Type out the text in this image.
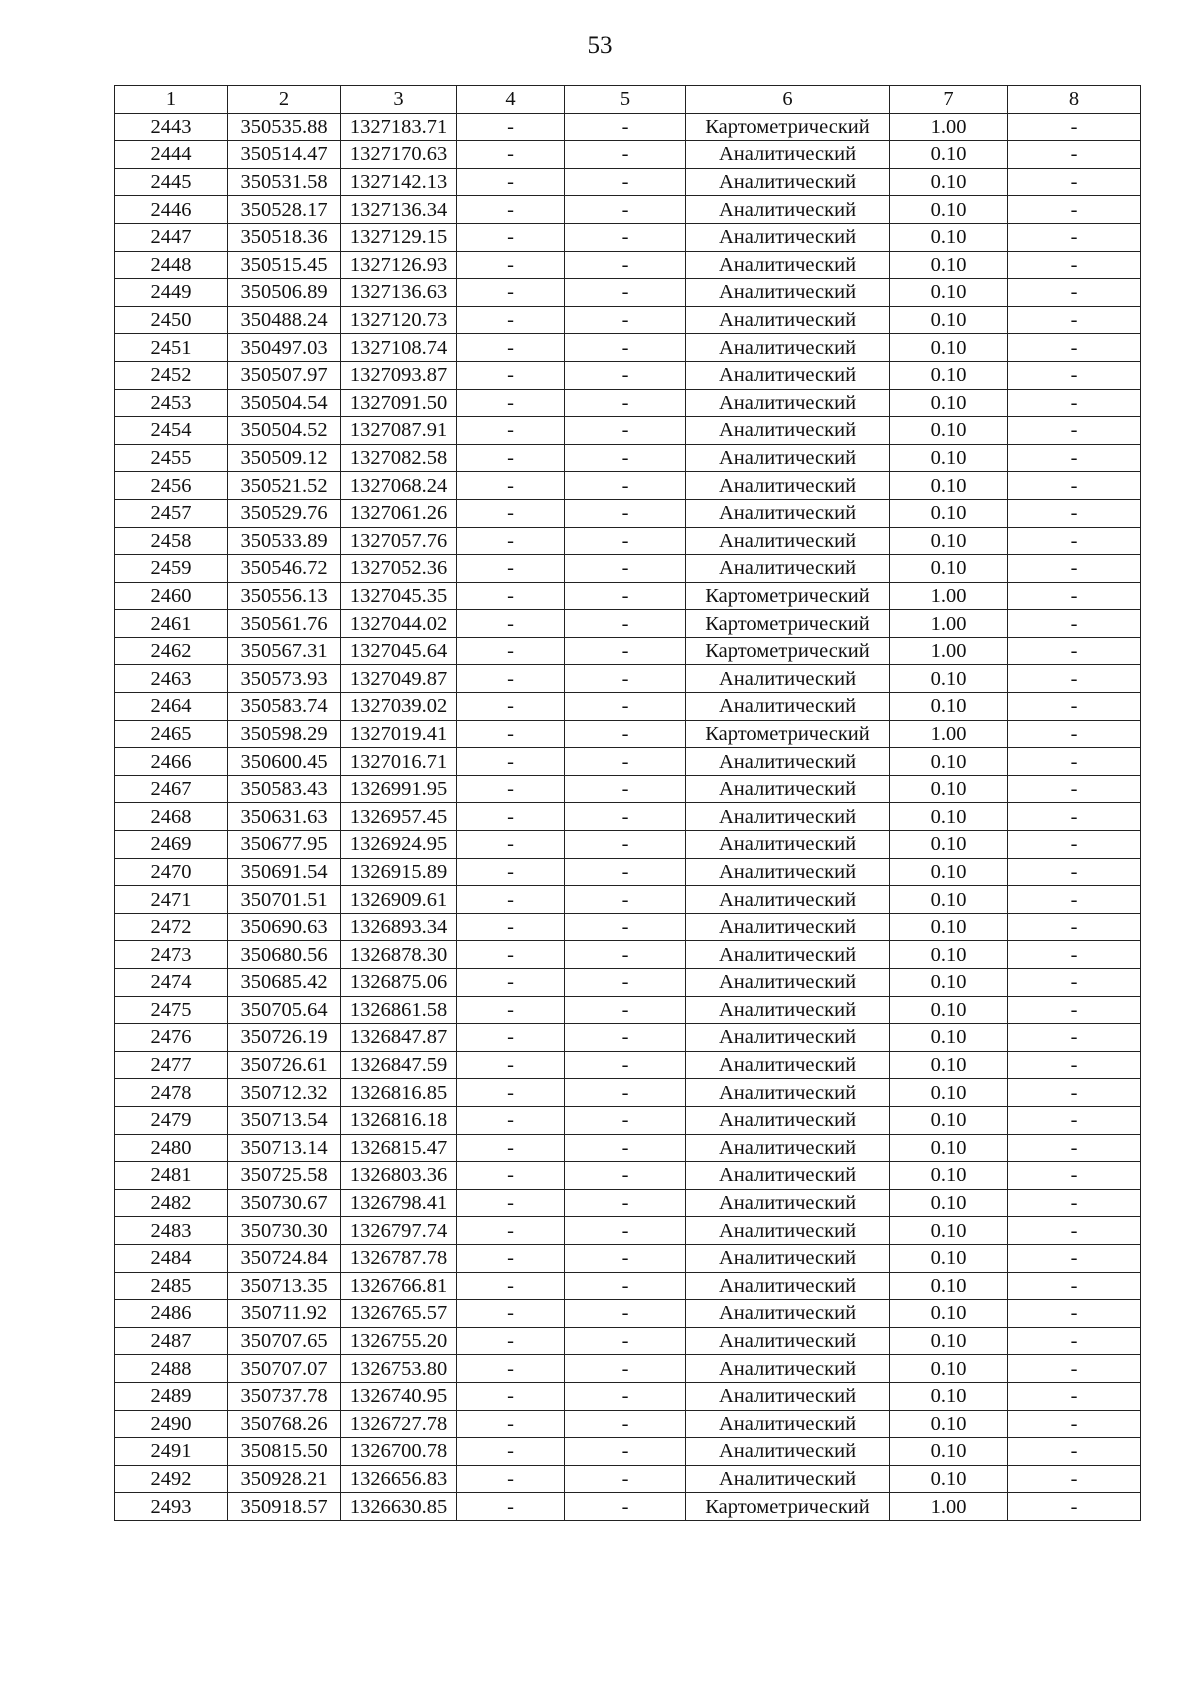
53
1	2	3	4	5	6	7	8
2443	350535.88	1327183.71	-	-	Картометрический	1.00	-
2444	350514.47	1327170.63	-	-	Аналитический	0.10	-
2445	350531.58	1327142.13	-	-	Аналитический	0.10	-
2446	350528.17	1327136.34	-	-	Аналитический	0.10	-
2447	350518.36	1327129.15	-	-	Аналитический	0.10	-
2448	350515.45	1327126.93	-	-	Аналитический	0.10	-
2449	350506.89	1327136.63	-	-	Аналитический	0.10	-
2450	350488.24	1327120.73	-	-	Аналитический	0.10	-
2451	350497.03	1327108.74	-	-	Аналитический	0.10	-
2452	350507.97	1327093.87	-	-	Аналитический	0.10	-
2453	350504.54	1327091.50	-	-	Аналитический	0.10	-
2454	350504.52	1327087.91	-	-	Аналитический	0.10	-
2455	350509.12	1327082.58	-	-	Аналитический	0.10	-
2456	350521.52	1327068.24	-	-	Аналитический	0.10	-
2457	350529.76	1327061.26	-	-	Аналитический	0.10	-
2458	350533.89	1327057.76	-	-	Аналитический	0.10	-
2459	350546.72	1327052.36	-	-	Аналитический	0.10	-
2460	350556.13	1327045.35	-	-	Картометрический	1.00	-
2461	350561.76	1327044.02	-	-	Картометрический	1.00	-
2462	350567.31	1327045.64	-	-	Картометрический	1.00	-
2463	350573.93	1327049.87	-	-	Аналитический	0.10	-
2464	350583.74	1327039.02	-	-	Аналитический	0.10	-
2465	350598.29	1327019.41	-	-	Картометрический	1.00	-
2466	350600.45	1327016.71	-	-	Аналитический	0.10	-
2467	350583.43	1326991.95	-	-	Аналитический	0.10	-
2468	350631.63	1326957.45	-	-	Аналитический	0.10	-
2469	350677.95	1326924.95	-	-	Аналитический	0.10	-
2470	350691.54	1326915.89	-	-	Аналитический	0.10	-
2471	350701.51	1326909.61	-	-	Аналитический	0.10	-
2472	350690.63	1326893.34	-	-	Аналитический	0.10	-
2473	350680.56	1326878.30	-	-	Аналитический	0.10	-
2474	350685.42	1326875.06	-	-	Аналитический	0.10	-
2475	350705.64	1326861.58	-	-	Аналитический	0.10	-
2476	350726.19	1326847.87	-	-	Аналитический	0.10	-
2477	350726.61	1326847.59	-	-	Аналитический	0.10	-
2478	350712.32	1326816.85	-	-	Аналитический	0.10	-
2479	350713.54	1326816.18	-	-	Аналитический	0.10	-
2480	350713.14	1326815.47	-	-	Аналитический	0.10	-
2481	350725.58	1326803.36	-	-	Аналитический	0.10	-
2482	350730.67	1326798.41	-	-	Аналитический	0.10	-
2483	350730.30	1326797.74	-	-	Аналитический	0.10	-
2484	350724.84	1326787.78	-	-	Аналитический	0.10	-
2485	350713.35	1326766.81	-	-	Аналитический	0.10	-
2486	350711.92	1326765.57	-	-	Аналитический	0.10	-
2487	350707.65	1326755.20	-	-	Аналитический	0.10	-
2488	350707.07	1326753.80	-	-	Аналитический	0.10	-
2489	350737.78	1326740.95	-	-	Аналитический	0.10	-
2490	350768.26	1326727.78	-	-	Аналитический	0.10	-
2491	350815.50	1326700.78	-	-	Аналитический	0.10	-
2492	350928.21	1326656.83	-	-	Аналитический	0.10	-
2493	350918.57	1326630.85	-	-	Картометрический	1.00	-
